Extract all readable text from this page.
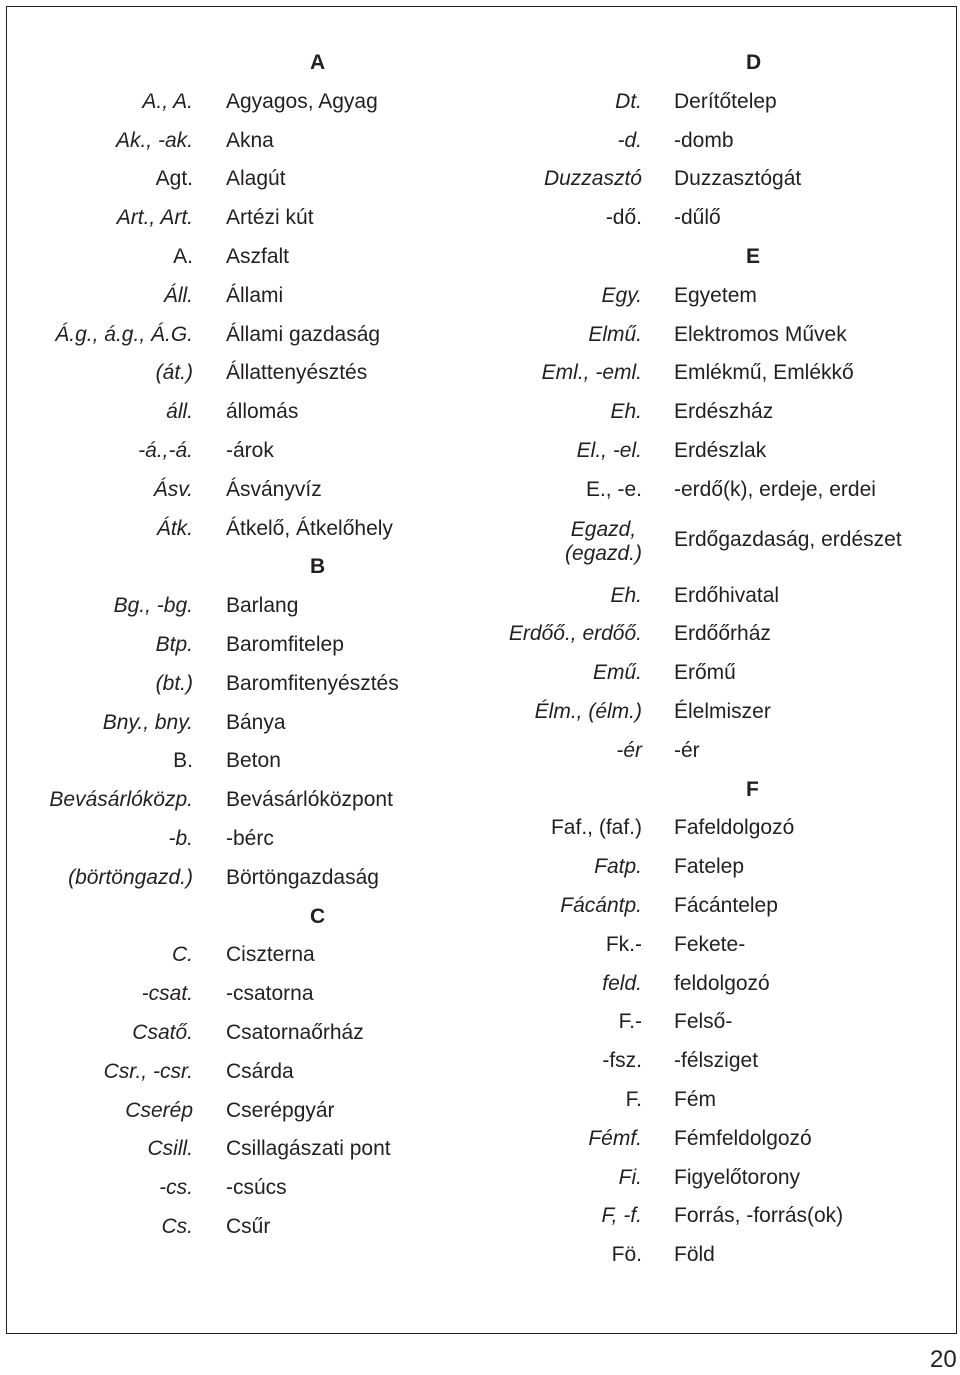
A
A., A. Agyagos, Agyag
Ak., -ak. Akna
Agt. Alagút
Art., Art. Artézi kút
A. Aszfalt
Áll. Állami
Á.g., á.g., Á.G. Állami gazdaság
(át.) Állattenyésztés
áll. állomás
-á.,-á. -árok
Ásv. Ásványvíz
Átk. Átkelő, Átkelőhely
B
Bg., -bg. Barlang
Btp. Baromfitelep
(bt.) Baromfitenyésztés
Bny., bny. Bánya
B. Beton
Bevásárlóközp. Bevásárlóközpont
-b. -bérc
(börtöngazd.) Börtöngazdaság
C
C. Ciszterna
-csat. -csatorna
Csatő. Csatornaőrház
Csr., -csr. Csárda
Cserép Cserépgyár
Csill. Csillagászati pont
-cs. -csúcs
Cs. Csűr
D
Dt. Derítőtelep
-d. -domb
Duzzasztó Duzzasztógát
-dő. -dűlő
E
Egy. Egyetem
Elmű. Elektromos Művek
Eml., -eml. Emlékmű, Emlékkő
Eh. Erdészház
El., -el. Erdészlak
E., -e. -erdő(k), erdeje, erdei
Egazd,
(egazd.)
Erdőgazdaság, erdészet
Eh. Erdőhivatal
Erdőő., erdőő. Erdőőrház
Emű. Erőmű
Élm., (élm.) Élelmiszer
-ér -ér
F
Faf., (faf.) Fafeldolgozó
Fatp. Fatelep
Fácántp. Fácántelep
Fk.- Fekete-
feld. feldolgozó
F.- Felső-
-fsz. -félsziget
F. Fém
Fémf. Fémfeldolgozó
Fi. Figyelőtorony
F, -f. Forrás, -forrás(ok)
Fö. Föld
20
